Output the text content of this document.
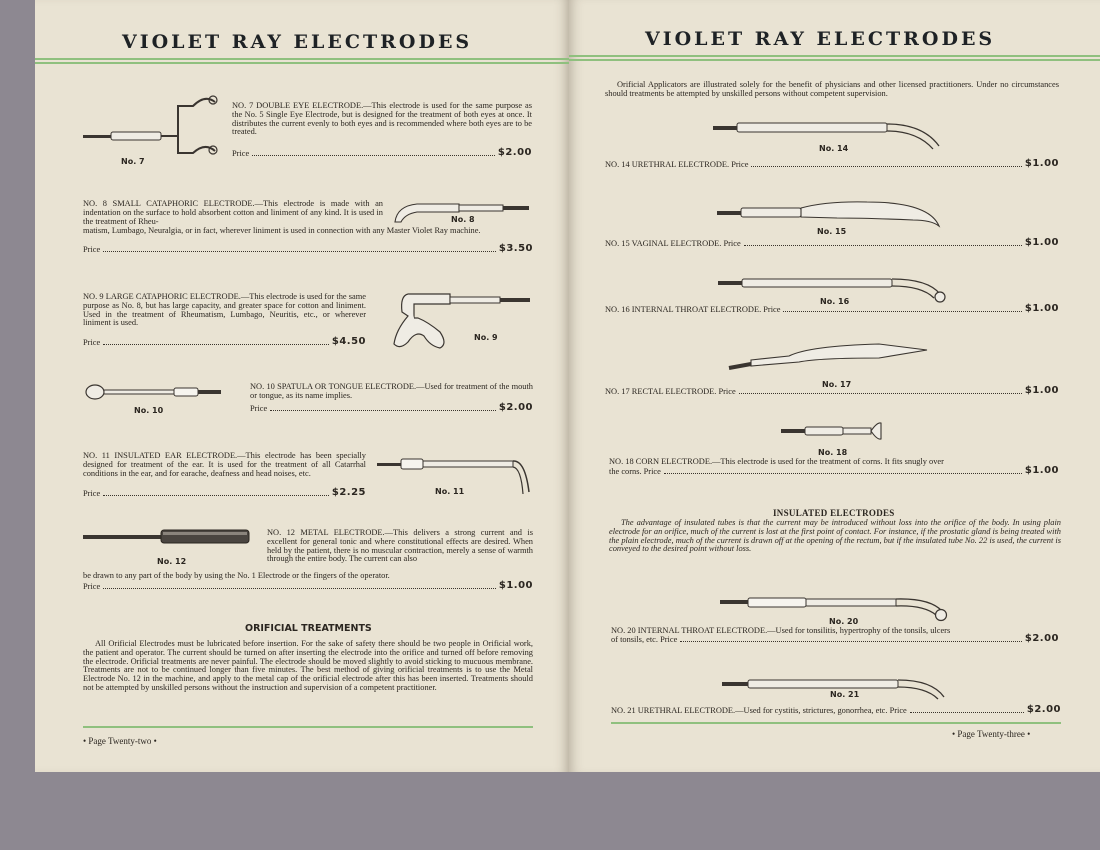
VIOLET RAY ELECTRODES
No. 7

NO. 7 DOUBLE EYE ELECTRODE.—This electrode is used for the same purpose as the No. 5 Single Eye Electrode, but is designed for the treatment of both eyes at once. It distributes the current evenly to both eyes and is recommended where both eyes are to be treated.

Price	$2.00
No. 8

NO. 8 SMALL CATAPHORIC ELECTRODE.—This electrode is made with an indentation on the surface to hold absorbent cotton and liniment of any kind. It is used in the treatment of Rheu-

matism, Lumbago, Neuralgia, or in fact, wherever liniment is used in connection with any Master Violet Ray machine.

Price	$3.50
No. 9

NO. 9 LARGE CATAPHORIC ELECTRODE.—This electrode is used for the same purpose as No. 8, but has large capacity, and greater space for cotton and liniment. Used in the treatment of Rheumatism, Lumbago, Neuritis, etc., or wherever liniment is used.

Price	$4.50
No. 10

NO. 10 SPATULA OR TONGUE ELECTRODE.—Used for treatment of the mouth or tongue, as its name implies.

Price	$2.00
No. 11

NO. 11 INSULATED EAR ELECTRODE.—This electrode has been specially designed for treatment of the ear. It is used for the treatment of all Catarrhal conditions in the ear, and for earache, deafness and head noises, etc.

Price	$2.25
No. 12

NO. 12 METAL ELECTRODE.—This delivers a strong current and is excellent for general tonic and where constitutional effects are desired. When held by the patient, there is no muscular contraction, merely a sense of warmth through the entire body. The current can also

be drawn to any part of the body by using the No. 1 Electrode or the fingers of the operator.

Price	$1.00
ORIFICIAL TREATMENTS

All Orificial Electrodes must be lubricated before insertion. For the sake of safety there should be two people in Orificial work, the patient and operator. The current should be turned on after inserting the electrode into the orifice and turned off before removing the electrode. Orificial treatments are never painful. The electrode should be moved slightly to avoid sticking to mucuous membrane. Treatments are not to be continued longer than five minutes. The best method of giving orificial treatments is to use the Metal Electrode No. 12 in the machine, and apply to the metal cap of the orificial electrode after this has been inserted. Treatments should not be attempted by unskilled persons without the instruction and supervision of a competent practitioner.

• Page Twenty-two •
VIOLET RAY ELECTRODES

Orificial Applicators are illustrated solely for the benefit of physicians and other licensed practitioners. Under no circumstances should treatments be attempted by unskilled persons without competent supervision.

No. 14
NO. 14 URETHRAL ELECTRODE. Price	$1.00
No. 15
NO. 15 VAGINAL ELECTRODE. Price	$1.00
No. 16
NO. 16 INTERNAL THROAT ELECTRODE. Price	$1.00
No. 17
NO. 17 RECTAL ELECTRODE. Price	$1.00
No. 18

NO. 18 CORN ELECTRODE.—This electrode is used for the treatment of corns. It fits snugly over

the corns. Price	$1.00
INSULATED ELECTRODES

The advantage of insulated tubes is that the current may be introduced without loss into the orifice of the body. In using plain electrode for an orifice, much of the current is lost at the first point of contact. For instance, if the prostatic gland is being treated with the plain electrode, much of the current is drawn off at the opening of the rectum, but if the insulated tube No. 22 is used, the current is conveyed to the desired point without loss.

No. 20

NO. 20 INTERNAL THROAT ELECTRODE.—Used for tonsilitis, hypertrophy of the tonsils, ulcers

of tonsils, etc. Price	$2.00
No. 21
NO. 21 URETHRAL ELECTRODE.—Used for cystitis, strictures, gonorrhea, etc. Price	$2.00
• Page Twenty-three •
